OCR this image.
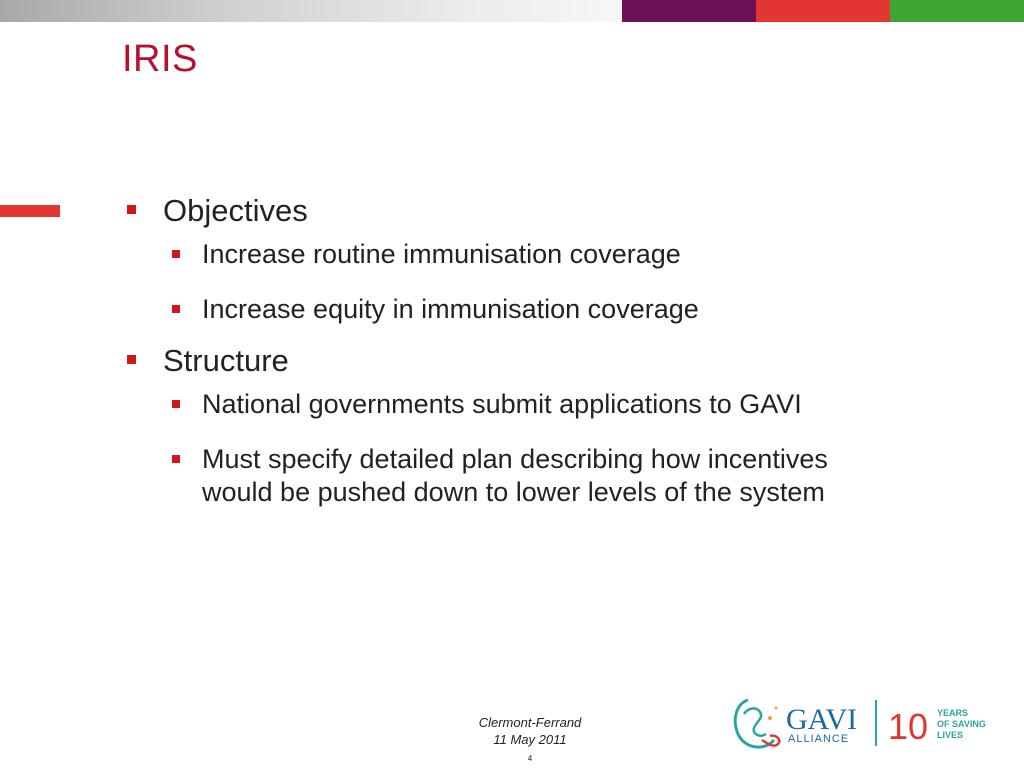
IRIS
Objectives
Increase routine immunisation coverage
Increase equity in immunisation coverage
Structure
National governments submit applications to GAVI
Must specify detailed plan describing how incentives would be pushed down to lower levels of the system
Clermont-Ferrand
11 May 2011
4
GAVI
ALLIANCE 10 YEARS
OF SAVING
LIVES
